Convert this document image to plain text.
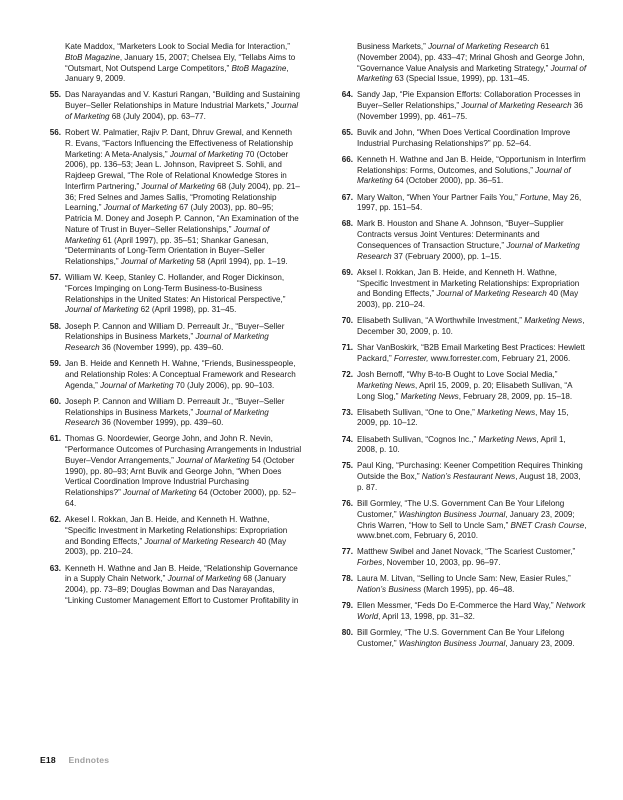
Kate Maddox, “Marketers Look to Social Media for Interaction,” BtoB Magazine, January 15, 2007; Chelsea Ely, “Tellabs Aims to “Outsmart, Not Outspend Large Competitors,” BtoB Magazine, January 9, 2009.
55. Das Narayandas and V. Kasturi Rangan, “Building and Sustaining Buyer–Seller Relationships in Mature Industrial Markets,” Journal of Marketing 68 (July 2004), pp. 63–77.
56. Robert W. Palmatier, Rajiv P. Dant, Dhruv Grewal, and Kenneth R. Evans, “Factors Influencing the Effectiveness of Relationship Marketing: A Meta-Analysis,” Journal of Marketing 70 (October 2006), pp. 136–53; Jean L. Johnson, Ravipreet S. Sohli, and Rajdeep Grewal, “The Role of Relational Knowledge Stores in Interfirm Partnering,” Journal of Marketing 68 (July 2004), pp. 21–36; Fred Selnes and James Sallis, “Promoting Relationship Learning,” Journal of Marketing 67 (July 2003), pp. 80–95; Patricia M. Doney and Joseph P. Cannon, “An Examination of the Nature of Trust in Buyer–Seller Relationships,” Journal of Marketing 61 (April 1997), pp. 35–51; Shankar Ganesan, “Determinants of Long-Term Orientation in Buyer–Seller Relationships,” Journal of Marketing 58 (April 1994), pp. 1–19.
57. William W. Keep, Stanley C. Hollander, and Roger Dickinson, “Forces Impinging on Long-Term Business-to-Business Relationships in the United States: An Historical Perspective,” Journal of Marketing 62 (April 1998), pp. 31–45.
58. Joseph P. Cannon and William D. Perreault Jr., “Buyer–Seller Relationships in Business Markets,” Journal of Marketing Research 36 (November 1999), pp. 439–60.
59. Jan B. Heide and Kenneth H. Wahne, “Friends, Businesspeople, and Relationship Roles: A Conceptual Framework and Research Agenda,” Journal of Marketing 70 (July 2006), pp. 90–103.
60. Joseph P. Cannon and William D. Perreault Jr., “Buyer–Seller Relationships in Business Markets,” Journal of Marketing Research 36 (November 1999), pp. 439–60.
61. Thomas G. Noordewier, George John, and John R. Nevin, “Performance Outcomes of Purchasing Arrangements in Industrial Buyer–Vendor Arrangements,” Journal of Marketing 54 (October 1990), pp. 80–93; Arnt Buvik and George John, “When Does Vertical Coordination Improve Industrial Purchasing Relationships?” Journal of Marketing 64 (October 2000), pp. 52–64.
62. Akesel I. Rokkan, Jan B. Heide, and Kenneth H. Wathne, “Specific Investment in Marketing Relationships: Expropriation and Bonding Effects,” Journal of Marketing Research 40 (May 2003), pp. 210–24.
63. Kenneth H. Wathne and Jan B. Heide, “Relationship Governance in a Supply Chain Network,” Journal of Marketing 68 (January 2004), pp. 73–89; Douglas Bowman and Das Narayandas, “Linking Customer Management Effort to Customer Profitability in
Business Markets,” Journal of Marketing Research 61 (November 2004), pp. 433–47; Mrinal Ghosh and George John, “Governance Value Analysis and Marketing Strategy,” Journal of Marketing 63 (Special Issue, 1999), pp. 131–45.
64. Sandy Jap, “Pie Expansion Efforts: Collaboration Processes in Buyer–Seller Relationships,” Journal of Marketing Research 36 (November 1999), pp. 461–75.
65. Buvik and John, “When Does Vertical Coordination Improve Industrial Purchasing Relationships?” pp. 52–64.
66. Kenneth H. Wathne and Jan B. Heide, “Opportunism in Interfirm Relationships: Forms, Outcomes, and Solutions,” Journal of Marketing 64 (October 2000), pp. 36–51.
67. Mary Walton, “When Your Partner Fails You,” Fortune, May 26, 1997, pp. 151–54.
68. Mark B. Houston and Shane A. Johnson, “Buyer–Supplier Contracts versus Joint Ventures: Determinants and Consequences of Transaction Structure,” Journal of Marketing Research 37 (February 2000), pp. 1–15.
69. Aksel I. Rokkan, Jan B. Heide, and Kenneth H. Wathne, “Specific Investment in Marketing Relationships: Expropriation and Bonding Effects,” Journal of Marketing Research 40 (May 2003), pp. 210–24.
70. Elisabeth Sullivan, “A Worthwhile Investment,” Marketing News, December 30, 2009, p. 10.
71. Shar VanBoskirk, “B2B Email Marketing Best Practices: Hewlett Packard,” Forrester, www.forrester.com, February 21, 2006.
72. Josh Bernoff, “Why B-to-B Ought to Love Social Media,” Marketing News, April 15, 2009, p. 20; Elisabeth Sullivan, “A Long Slog,” Marketing News, February 28, 2009, pp. 15–18.
73. Elisabeth Sullivan, “One to One,” Marketing News, May 15, 2009, pp. 10–12.
74. Elisabeth Sullivan, “Cognos Inc.,” Marketing News, April 1, 2008, p. 10.
75. Paul King, “Purchasing: Keener Competition Requires Thinking Outside the Box,” Nation’s Restaurant News, August 18, 2003, p. 87.
76. Bill Gormley, “The U.S. Government Can Be Your Lifelong Customer,” Washington Business Journal, January 23, 2009; Chris Warren, “How to Sell to Uncle Sam,” BNET Crash Course, www.bnet.com, February 6, 2010.
77. Matthew Swibel and Janet Novack, “The Scariest Customer,” Forbes, November 10, 2003, pp. 96–97.
78. Laura M. Litvan, “Selling to Uncle Sam: New, Easier Rules,” Nation’s Business (March 1995), pp. 46–48.
79. Ellen Messmer, “Feds Do E-Commerce the Hard Way,” Network World, April 13, 1998, pp. 31–32.
80. Bill Gormley, “The U.S. Government Can Be Your Lifelong Customer,” Washington Business Journal, January 23, 2009.
E18 Endnotes
